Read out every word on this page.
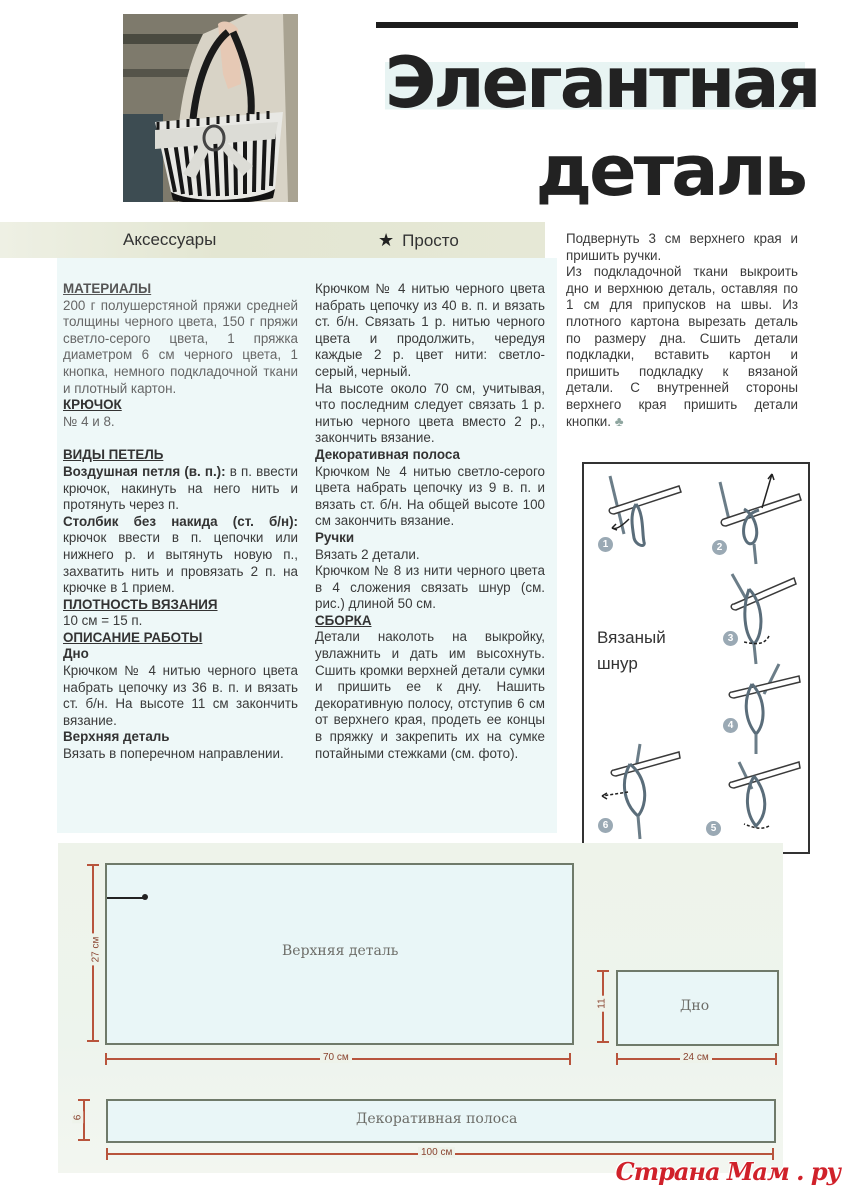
Элегантная
деталь
Аксессуары	★ Просто

МАТЕРИАЛЫ

200 г полушерстяной пряжи средней толщины черного цвета, 150 г пряжи светло-серого цвета, 1 пряжка диаметром 6 см черного цвета, 1 кнопка, немного подкладочной ткани и плотный картон.

КРЮЧОК

№ 4 и 8.

ВИДЫ ПЕТЕЛЬ

Воздушная петля (в. п.): в п. ввести крючок, накинуть на него нить и протянуть через п.

Столбик без накида (ст. б/н): крючок ввести в п. цепочки или нижнего р. и вытянуть новую п., захватить нить и провязать 2 п. на крючке в 1 прием.

ПЛОТНОСТЬ ВЯЗАНИЯ

10 см = 15 п.

ОПИСАНИЕ РАБОТЫ

Дно

Крючком № 4 нитью черного цвета набрать цепочку из 36 в. п. и вязать ст. б/н. На высоте 11 см закончить вязание.

Верхняя деталь

Вязать в поперечном направлении.

Крючком № 4 нитью черного цвета набрать цепочку из 40 в. п. и вязать ст. б/н. Связать 1 р. нитью черного цвета и продолжить, чередуя каждые 2 р. цвет нити: светло-серый, черный.

На высоте около 70 см, учитывая, что последним следует связать 1 р. нитью черного цвета вместо 2 р., закончить вязание.

Декоративная полоса

Крючком № 4 нитью светло-серого цвета набрать цепочку из 9 в. п. и вязать ст. б/н. На общей высоте 100 см закончить вязание.

Ручки

Вязать 2 детали.

Крючком № 8 из нити черного цвета в 4 сложения связать шнур (см. рис.) длиной 50 см.

СБОРКА

Детали наколоть на выкройку, увлажнить и дать им высохнуть. Сшить кромки верхней детали сумки и пришить ее к дну. Нашить декоративную полосу, отступив 6 см от верхнего края, продеть ее концы в пряжку и закрепить их на сумке потайными стежками (см. фото).

Подвернуть 3 см верхнего края и пришить ручки.

Из подкладочной ткани выкроить дно и верхнюю деталь, оставляя по 1 см для припусков на швы. Из плотного картона вырезать деталь по размеру дна. Сшить детали подкладки, вставить картон и пришить подкладку к вязаной детали. С внутренней стороны верхнего края пришить детали кнопки. ♣

1	2
3
4
5
6
Вязаный
шнур
Верхняя деталь
27 см
70 см
Дно
11
24 см
Декоративная полоса
6
100 см
Страна Мам . ру
